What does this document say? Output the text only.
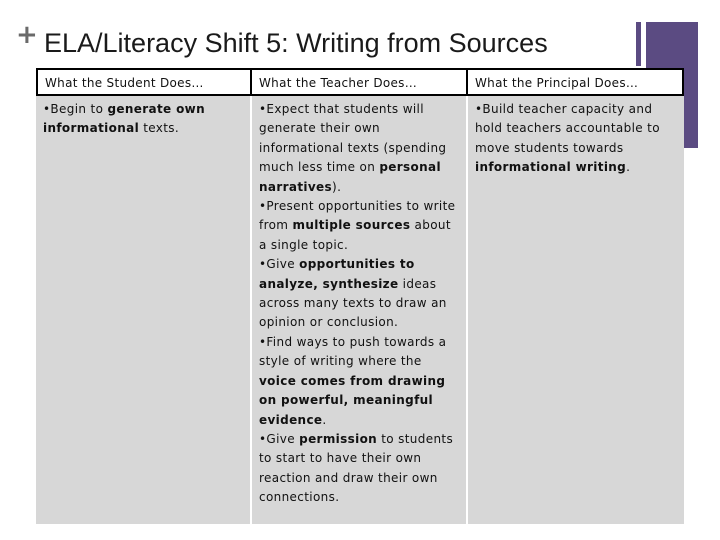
+ ELA/Literacy Shift 5: Writing from Sources
What the Student Does…	What the Teacher Does…	What the Principal Does…

•Begin to generate own informational texts.

•Expect that students will generate their own informational texts (spending much less time on personal narratives).

•Present opportunities to write from multiple sources about a single topic.

•Give opportunities to analyze, synthesize ideas across many texts to draw an opinion or conclusion.

•Find ways to push towards a style of writing where the voice comes from drawing on powerful, meaningful evidence.

•Give permission to students to start to have their own reaction and draw their own connections.

•Build teacher capacity and hold teachers accountable to move students towards informational writing.
